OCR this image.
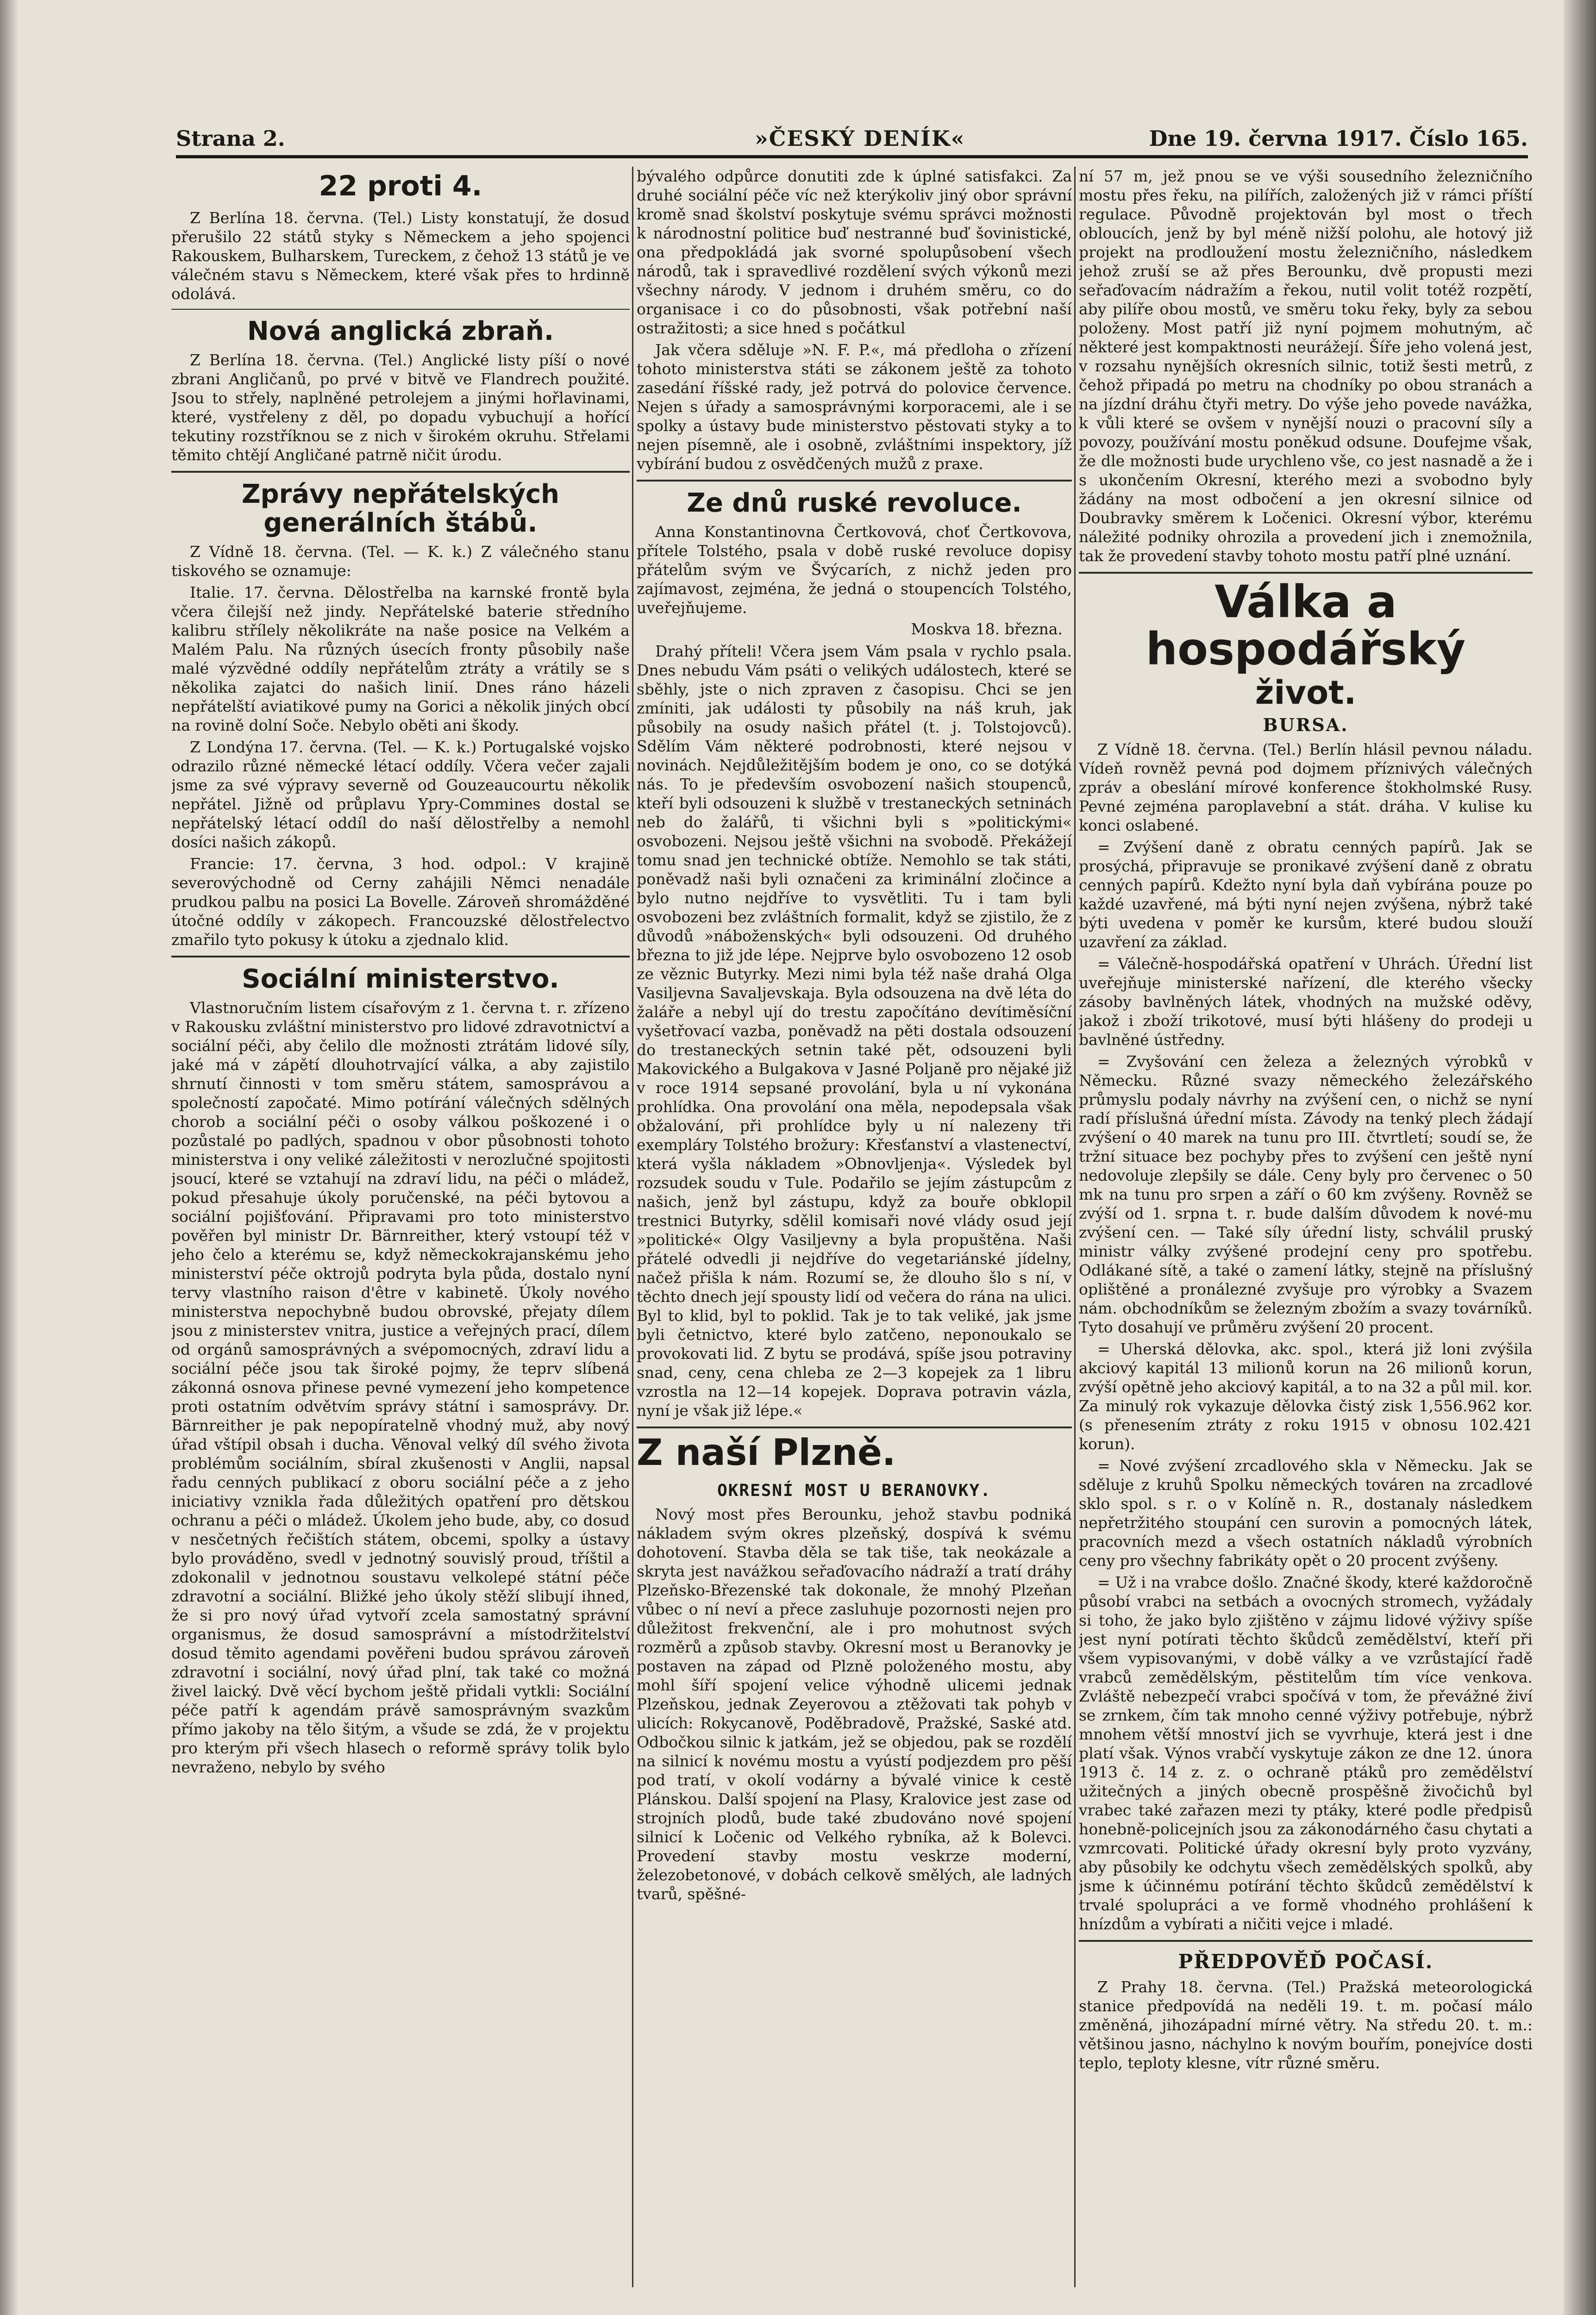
Strana 2.	»ČESKÝ DENÍK«	Dne 19. června 1917. Číslo 165.
22 proti 4.

Z Berlína 18. června. (Tel.) Listy konstatují, že dosud přerušilo 22 států styky s Německem a jeho spojenci Rakouskem, Bulharskem, Tureckem, z čehož 13 států je ve válečném stavu s Německem, které však přes to hrdinně odolává.

Nová anglická zbraň.

Z Berlína 18. června. (Tel.) Anglické listy píší o nové zbrani Angličanů, po prvé v bitvě ve Flandrech použité. Jsou to střely, naplněné petrolejem a jinými hořlavinami, které, vystřeleny z děl, po dopadu vybuchují a hořící tekutiny rozstříknou se z nich v širokém okruhu. Střelami těmito chtějí Angličané patrně ničit úrodu.

Zprávy nepřátelských generálních štábů.

Z Vídně 18. června. (Tel. — K. k.) Z válečného stanu tiskového se oznamuje:

Italie. 17. června. Dělostřelba na karnské frontě byla včera čilejší než jindy. Nepřátelské baterie středního kalibru střílely několikráte na naše posice na Velkém a Malém Palu. Na různých úsecích fronty působily naše malé výzvědné oddíly nepřátelům ztráty a vrátily se s několika zajatci do našich linií. Dnes ráno házeli nepřátelští aviatikové pumy na Gorici a několik jiných obcí na rovině dolní Soče. Nebylo oběti ani škody.

Z Londýna 17. června. (Tel. — K. k.) Portugalské vojsko odrazilo různé německé létací oddíly. Včera večer zajali jsme za své výpravy severně od Gouzeaucourtu několik nepřátel. Jižně od průplavu Ypry-Commines dostal se nepřátelský létací oddíl do naší dělostřelby a nemohl dosíci našich zákopů.

Francie: 17. června, 3 hod. odpol.: V krajině severovýchodně od Cerny zahájili Němci nenadále prudkou palbu na posici La Bovelle. Zároveň shromážděné útočné oddíly v zákopech. Francouzské dělostřelectvo zmařilo tyto pokusy k útoku a zjednalo klid.

Sociální ministerstvo.

Vlastnoručním listem císařovým z 1. června t. r. zřízeno v Rakousku zvláštní ministerstvo pro lidové zdravotnictví a sociální péči, aby čelilo dle možnosti ztrátám lidové síly, jaké má v zápětí dlouhotrvající válka, a aby zajistilo shrnutí činnosti v tom směru státem, samosprávou a společností započaté. Mimo potírání válečných sdělných chorob a sociální péči o osoby válkou poškozené i o pozůstalé po padlých, spadnou v obor působnosti tohoto ministerstva i ony veliké záležitosti v nerozlučné spojitosti jsoucí, které se vztahují na zdraví lidu, na péči o mládež, pokud přesahuje úkoly poručenské, na péči bytovou a sociální pojišťování. Připravami pro toto ministerstvo pověřen byl ministr Dr. Bärnreither, který vstoupí též v jeho čelo a kterému se, když německokrajanskému jeho ministerství péče oktrojů podryta byla půda, dostalo nyní tervy vlastního raison d'être v kabinetě. Úkoly nového ministerstva nepochybně budou obrovské, přejaty dílem jsou z ministerstev vnitra, justice a veřejných prací, dílem od orgánů samosprávných a svépomocných, zdraví lidu a sociální péče jsou tak široké pojmy, že teprv slíbená zákonná osnova přinese pevné vymezení jeho kompetence proti ostatním odvětvím správy státní i samosprávy. Dr. Bärnreither je pak nepopíratelně vhodný muž, aby nový úřad vštípil obsah i ducha. Věnoval velký díl svého života problémům sociálním, sbíral zkušenosti v Anglii, napsal řadu cenných publikací z oboru sociální péče a z jeho iniciativy vznikla řada důležitých opatření pro dětskou ochranu a péči o mládež. Úkolem jeho bude, aby, co dosud v nesčetných řečištích státem, obcemi, spolky a ústavy bylo prováděno, svedl v jednotný souvislý proud, tříštil a zdokonalil v jednotnou soustavu velkolepé státní péče zdravotní a sociální. Bližké jeho úkoly stěží slibují ihned, že si pro nový úřad vytvoří zcela samostatný správní organismus, že dosud samosprávní a místodržitelství dosud těmito agendami pověřeni budou správou zároveň zdravotní i sociální, nový úřad plní, tak také co možná živel laický. Dvě věcí bychom ještě přidali vytkli: Sociální péče patří k agendám právě samosprávným svazkům přímo jakoby na tělo šitým, a všude se zdá, že v projektu pro kterým při všech hlasech o reformě správy tolik bylo nevraženo, nebylo by svého

bývalého odpůrce donutiti zde k úplné satisfakci. Za druhé sociální péče víc než kterýkoliv jiný obor správní kromě snad školství poskytuje svému správci možnosti k národnostní politice buď nestranné buď šovinistické, ona předpokládá jak svorné spolupůsobení všech národů, tak i spravedlivé rozdělení svých výkonů mezi všechny národy. V jednom i druhém směru, co do organisace i co do působnosti, však potřební naší ostražitosti; a sice hned s počátkul

Jak včera sděluje »N. F. P.«, má předloha o zřízení tohoto ministerstva státi se zákonem ještě za tohoto zasedání říšské rady, jež potrvá do polovice července. Nejen s úřady a samosprávnými korporacemi, ale i se spolky a ústavy bude ministerstvo pěstovati styky a to nejen písemně, ale i osobně, zvláštními inspektory, jíž vybírání budou z osvědčených mužů z praxe.

Ze dnů ruské revoluce.

Anna Konstantinovna Čertkovová, choť Čertkovova, přítele Tolstého, psala v době ruské revoluce dopisy přátelům svým ve Švýcarích, z nichž jeden pro zajímavost, zejména, že jedná o stoupencích Tolstého, uveřejňujeme.

Moskva 18. března.

Drahý příteli! Včera jsem Vám psala v rychlo psala. Dnes nebudu Vám psáti o velikých událostech, které se sběhly, jste o nich zpraven z časopisu. Chci se jen zmíniti, jak události ty působily na náš kruh, jak působily na osudy našich přátel (t. j. Tolstojovců). Sdělím Vám některé podrobnosti, které nejsou v novinách. Nejdůležitějším bodem je ono, co se dotýká nás. To je především osvobození našich stoupenců, kteří byli odsouzeni k službě v trestaneckých setninách neb do žalářů, ti všichni byli s »politickými« osvobozeni. Nejsou ještě všichni na svobodě. Překážejí tomu snad jen technické obtíže. Nemohlo se tak státi, poněvadž naši byli označeni za kriminální zločince a bylo nutno nejdříve to vysvětliti. Tu i tam byli osvobozeni bez zvláštních formalit, když se zjistilo, že z důvodů »náboženských« byli odsouzeni. Od druhého března to již jde lépe. Nejprve bylo osvobozeno 12 osob ze věznic Butyrky. Mezi nimi byla též naše drahá Olga Vasiljevna Savaljevskaja. Byla odsouzena na dvě léta do žaláře a nebyl ují do trestu započítáno devítiměsíční vyšetřovací vazba, poněvadž na pěti dostala odsouzení do trestaneckých setnin také pět, odsouzeni byli Makovického a Bulgakova v Jasné Poljaně pro nějaké již v roce 1914 sepsané provolání, byla u ní vykonána prohlídka. Ona provolání ona měla, nepodepsala však obžalování, při prohlídce byly u ní nalezeny tři exempláry Tolstého brožury: Křesťanství a vlastenectví, která vyšla nákladem »Obnovljenja«. Výsledek byl rozsudek soudu v Tule. Podařilo se jejím zástupcům z našich, jenž byl zástupu, když za bouře obklopil trestnici Butyrky, sdělil komisaři nové vlády osud její »politické« Olgy Vasiljevny a byla propuštěna. Naši přátelé odvedli ji nejdříve do vegetariánské jídelny, načež přišla k nám. Rozumí se, že dlouho šlo s ní, v těchto dnech její spousty lidí od večera do rána na ulici. Byl to klid, byl to poklid. Tak je to tak veliké, jak jsme byli četnictvo, které bylo zatčeno, neponoukalo se provokovati lid. Z bytu se prodává, spíše jsou potraviny snad, ceny, cena chleba ze 2—3 kopejek za 1 libru vzrostla na 12—14 kopejek. Doprava potravin vázla, nyní je však již lépe.«

Z naší Plzně.
OKRESNÍ MOST U BERANOVKY.

Nový most přes Berounku, jehož stavbu podniká nákladem svým okres plzeňský, dospívá k svému dohotovení. Stavba děla se tak tiše, tak neokázale a skryta jest navážkou seřaďovacího nádraží a tratí dráhy Plzeňsko-Březenské tak dokonale, že mnohý Plzeňan vůbec o ní neví a přece zasluhuje pozornosti nejen pro důležitost frekvenční, ale i pro mohutnost svých rozměrů a způsob stavby. Okresní most u Beranovky je postaven na západ od Plzně položeného mostu, aby mohl šíří spojení velice výhodně ulicemi jednak Plzeňskou, jednak Zeyerovou a ztěžovati tak pohyb v ulicích: Rokycanově, Poděbradově, Pražské, Saské atd. Odbočkou silnic k jatkám, jež se objedou, pak se rozdělí na silnicí k novému mostu a vyústí podjezdem pro pěší pod tratí, v okolí vodárny a bývalé vinice k cestě Plánskou. Další spojení na Plasy, Kralovice jest zase od strojních plodů, bude také zbudováno nové spojení silnicí k Ločenic od Velkého rybníka, až k Bolevci. Provedení stavby mostu veskrze moderní, železobetonové, v dobách celkově smělých, ale ladných tvarů, spěšné-

ní 57 m, jež pnou se ve výši sousedního železničního mostu přes řeku, na pilířích, založených již v rámci příští regulace. Původně projektován byl most o třech obloucích, jenž by byl méně nižší polohu, ale hotový již projekt na prodloužení mostu železničního, následkem jehož zruší se až přes Berounku, dvě propusti mezi seřaďovacím nádražím a řekou, nutil volit totéž rozpětí, aby pilíře obou mostů, ve směru toku řeky, byly za sebou položeny. Most patří již nyní pojmem mohutným, ač některé jest kompaktnosti neurážejí. Šíře jeho volená jest, v rozsahu nynějších okresních silnic, totiž šesti metrů, z čehož připadá po metru na chodníky po obou stranách a na jízdní dráhu čtyři metry. Do výše jeho povede navážka, k vůli které se ovšem v nynější nouzi o pracovní síly a povozy, používání mostu poněkud odsune. Doufejme však, že dle možnosti bude urychleno vše, co jest nasnadě a že i s ukončením Okresní, kterého mezi a svobodno byly žádány na most odbočení a jen okresní silnice od Doubravky směrem k Ločenici. Okresní výbor, kterému náležité podniky ohrozila a provedení jich i znemožnila, tak že provedení stavby tohoto mostu patří plné uznání.

Válka a hospodářský
život.
BURSA.

Z Vídně 18. června. (Tel.) Berlín hlásil pevnou náladu. Vídeň rovněž pevná pod dojmem příznivých válečných zpráv a obeslání mírové konference štokholmské Rusy. Pevné zejména paroplavební a stát. dráha. V kulise ku konci oslabené.

= Zvýšení daně z obratu cenných papírů. Jak se prosýchá, připravuje se pronikavé zvýšení daně z obratu cenných papírů. Kdežto nyní byla daň vybírána pouze po každé uzavřené, má býti nyní nejen zvýšena, nýbrž také býti uvedena v poměr ke kursům, které budou slouží uzavření za základ.

= Válečně-hospodářská opatření v Uhrách. Úřední list uveřejňuje ministerské nařízení, dle kterého všecky zásoby bavlněných látek, vhodných na mužské oděvy, jakož i zboží trikotové, musí býti hlášeny do prodeji u bavlněné ústředny.

= Zvyšování cen železa a železných výrobků v Německu. Různé svazy německého železářského průmyslu podaly návrhy na zvýšení cen, o nichž se nyní radí příslušná úřední místa. Závody na tenký plech žádají zvýšení o 40 marek na tunu pro III. čtvrtletí; soudí se, že tržní situace bez pochyby přes to zvýšení cen ještě nyní nedovoluje zlepšily se dále. Ceny byly pro červenec o 50 mk na tunu pro srpen a září o 60 km zvýšeny. Rovněž se zvýší od 1. srpna t. r. bude dalším důvodem k nové-mu zvýšení cen. — Také síly úřední listy, schválil pruský ministr války zvýšené prodejní ceny pro spotřebu. Odlákané sítě, a také o zamení látky, stejně na příslušný oplištěné a pronálezné zvyšuje pro výrobky a Svazem nám. obchodníkům se železným zbožím a svazy továrníků. Tyto dosahují ve průměru zvýšení 20 procent.

= Uherská dělovka, akc. spol., která již loni zvýšila akciový kapitál 13 milionů korun na 26 milionů korun, zvýší opětně jeho akciový kapitál, a to na 32 a půl mil. kor. Za minulý rok vykazuje dělovka čistý zisk 1,556.962 kor. (s přenesením ztráty z roku 1915 v obnosu 102.421 korun).

= Nové zvýšení zrcadlového skla v Německu. Jak se sděluje z kruhů Spolku německých továren na zrcadlové sklo spol. s r. o v Kolíně n. R., dostanaly následkem nepřetržitého stoupání cen surovin a pomocných látek, pracovních mezd a všech ostatních nákladů výrobních ceny pro všechny fabrikáty opět o 20 procent zvýšeny.

= Už i na vrabce došlo. Značné škody, které každoročně působí vrabci na setbách a ovocných stromech, vyžádaly si toho, že jako bylo zjištěno v zájmu lidové výživy spíše jest nyní potírati těchto škůdců zemědělství, kteří při všem vypisovanými, v době války a ve vzrůstající řadě vrabců zemědělským, pěstitelům tím více venkova. Zvláště nebezpečí vrabci spočívá v tom, že převážné živí se zrnkem, čím tak mnoho cenné výživy potřebuje, nýbrž mnohem větší mnoství jich se vyvrhuje, která jest i dne platí však. Výnos vrabčí vyskytuje zákon ze dne 12. února 1913 č. 14 z. z. o ochraně ptáků pro zemědělství užitečných a jiných obecně prospěšně živočichů byl vrabec také zařazen mezi ty ptáky, které podle předpisů honebně-policejních jsou za zákonodárného času chytati a vzmrcovati. Politické úřady okresní byly proto vyzvány, aby působily ke odchytu všech zemědělských spolků, aby jsme k účinnému potírání těchto škůdců zemědělství k trvalé spolupráci a ve formě vhodného prohlášení k hnízdům a vybírati a ničiti vejce i mladé.

PŘEDPOVĚĎ POČASÍ.

Z Prahy 18. června. (Tel.) Pražská meteorologická stanice předpovídá na neděli 19. t. m. počasí málo změněná, jihozápadní mírné větry. Na středu 20. t. m.: většinou jasno, náchylno k novým bouřím, ponejvíce dosti teplo, teploty klesne, vítr různé směru.
